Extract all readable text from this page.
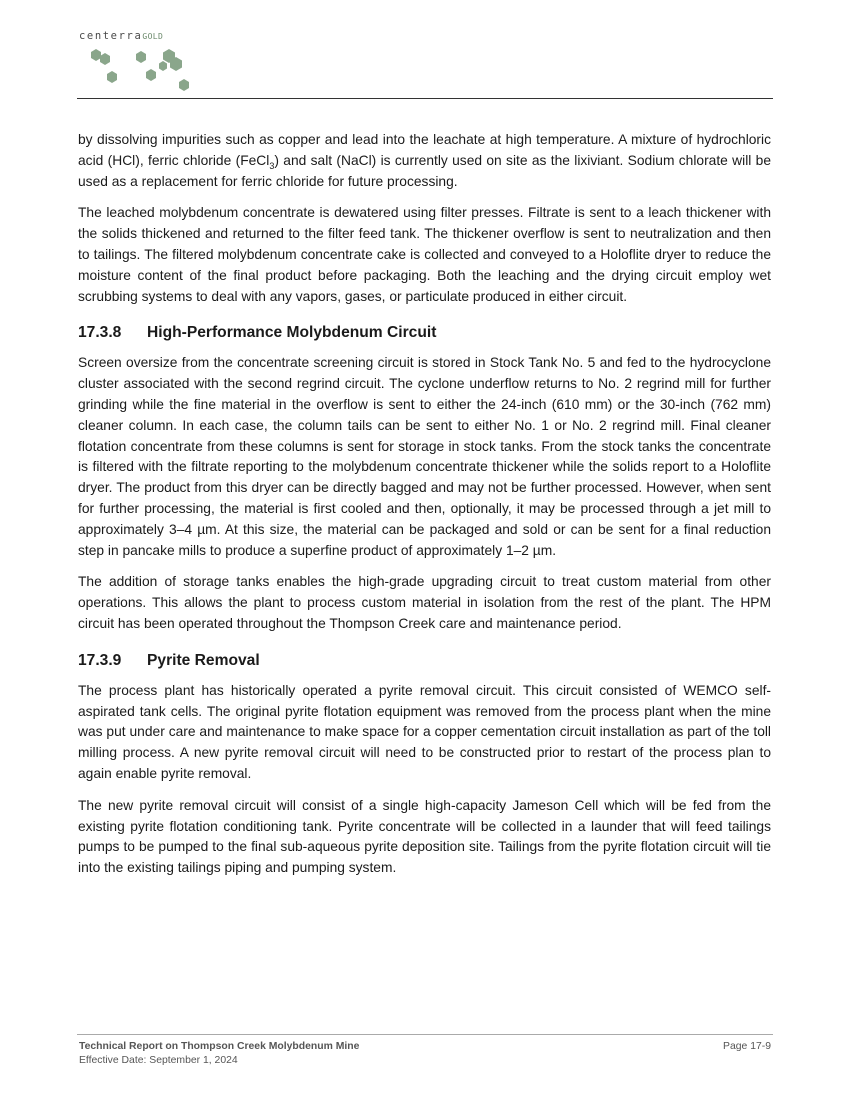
centerraGOLD

by dissolving impurities such as copper and lead into the leachate at high temperature. A mixture of hydrochloric acid (HCl), ferric chloride (FeCl$_3$) and salt (NaCl) is currently used on site as the lixiviant. Sodium chlorate will be used as a replacement for ferric chloride for future processing.

The leached molybdenum concentrate is dewatered using filter presses. Filtrate is sent to a leach thickener with the solids thickened and returned to the filter feed tank. The thickener overflow is sent to neutralization and then to tailings. The filtered molybdenum concentrate cake is collected and conveyed to a Holoflite dryer to reduce the moisture content of the final product before packaging. Both the leaching and the drying circuit employ wet scrubbing systems to deal with any vapors, gases, or particulate produced in either circuit.

17.3.8 High-Performance Molybdenum Circuit

Screen oversize from the concentrate screening circuit is stored in Stock Tank No. 5 and fed to the hydrocyclone cluster associated with the second regrind circuit. The cyclone underflow returns to No. 2 regrind mill for further grinding while the fine material in the overflow is sent to either the 24-inch (610 mm) or the 30-inch (762 mm) cleaner column. In each case, the column tails can be sent to either No. 1 or No. 2 regrind mill. Final cleaner flotation concentrate from these columns is sent for storage in stock tanks. From the stock tanks the concentrate is filtered with the filtrate reporting to the molybdenum concentrate thickener while the solids report to a Holoflite dryer. The product from this dryer can be directly bagged and may not be further processed. However, when sent for further processing, the material is first cooled and then, optionally, it may be processed through a jet mill to approximately 3–4 µm. At this size, the material can be packaged and sold or can be sent for a final reduction step in pancake mills to produce a superfine product of approximately 1–2 µm.

The addition of storage tanks enables the high-grade upgrading circuit to treat custom material from other operations. This allows the plant to process custom material in isolation from the rest of the plant. The HPM circuit has been operated throughout the Thompson Creek care and maintenance period.

17.3.9 Pyrite Removal

The process plant has historically operated a pyrite removal circuit. This circuit consisted of WEMCO self-aspirated tank cells. The original pyrite flotation equipment was removed from the process plant when the mine was put under care and maintenance to make space for a copper cementation circuit installation as part of the toll milling process. A new pyrite removal circuit will need to be constructed prior to restart of the process plan to again enable pyrite removal.

The new pyrite removal circuit will consist of a single high-capacity Jameson Cell which will be fed from the existing pyrite flotation conditioning tank. Pyrite concentrate will be collected in a launder that will feed tailings pumps to be pumped to the final sub-aqueous pyrite deposition site. Tailings from the pyrite flotation circuit will tie into the existing tailings piping and pumping system.

Technical Report on Thompson Creek Molybdenum Mine
Effective Date: September 1, 2024
Page 17-9
